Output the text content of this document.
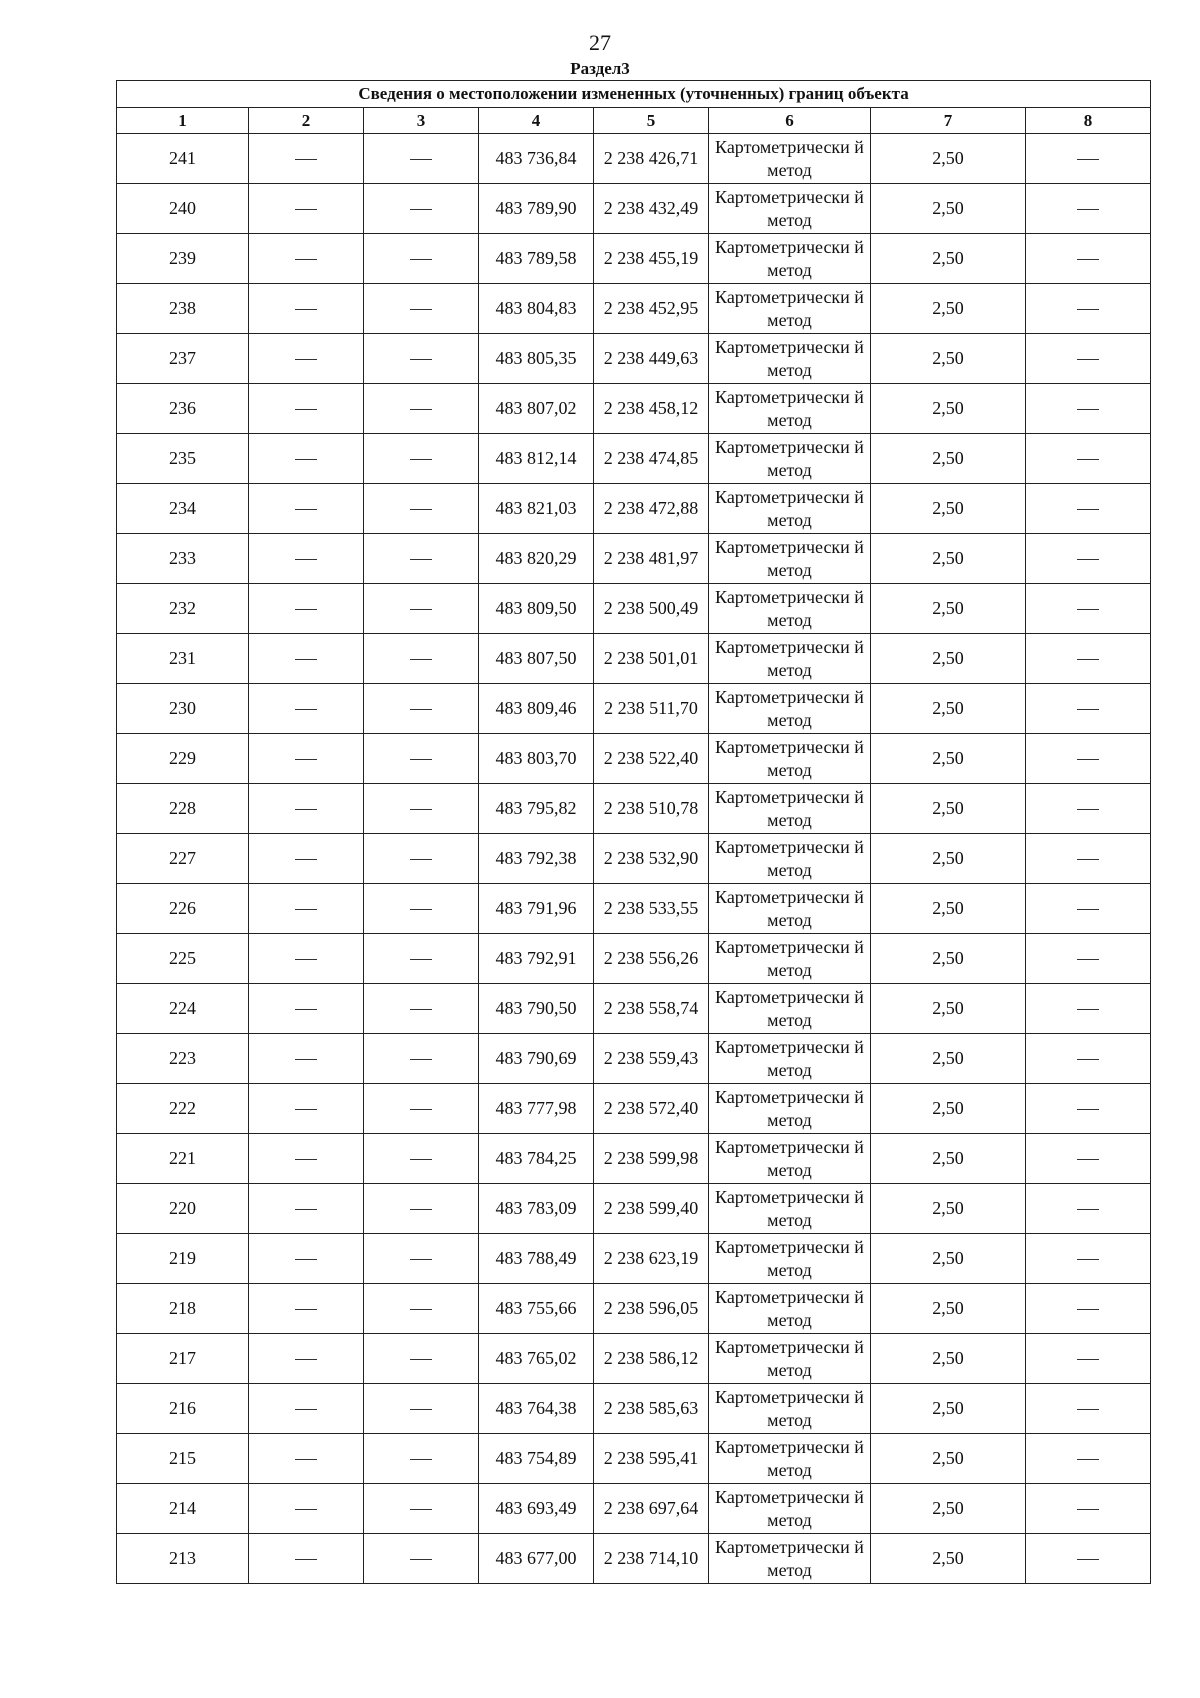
27
Раздел3
Сведения о местоположении измененных (уточненных) границ объекта							
1	2	3	4	5	6	7	8
241			483 736,84	2 238 426,71	Картометрически й метод	2,50	
240			483 789,90	2 238 432,49	Картометрически й метод	2,50	
239			483 789,58	2 238 455,19	Картометрически й метод	2,50	
238			483 804,83	2 238 452,95	Картометрически й метод	2,50	
237			483 805,35	2 238 449,63	Картометрически й метод	2,50	
236			483 807,02	2 238 458,12	Картометрически й метод	2,50	
235			483 812,14	2 238 474,85	Картометрически й метод	2,50	
234			483 821,03	2 238 472,88	Картометрически й метод	2,50	
233			483 820,29	2 238 481,97	Картометрически й метод	2,50	
232			483 809,50	2 238 500,49	Картометрически й метод	2,50	
231			483 807,50	2 238 501,01	Картометрически й метод	2,50	
230			483 809,46	2 238 511,70	Картометрически й метод	2,50	
229			483 803,70	2 238 522,40	Картометрически й метод	2,50	
228			483 795,82	2 238 510,78	Картометрически й метод	2,50	
227			483 792,38	2 238 532,90	Картометрически й метод	2,50	
226			483 791,96	2 238 533,55	Картометрически й метод	2,50	
225			483 792,91	2 238 556,26	Картометрически й метод	2,50	
224			483 790,50	2 238 558,74	Картометрически й метод	2,50	
223			483 790,69	2 238 559,43	Картометрически й метод	2,50	
222			483 777,98	2 238 572,40	Картометрически й метод	2,50	
221			483 784,25	2 238 599,98	Картометрически й метод	2,50	
220			483 783,09	2 238 599,40	Картометрически й метод	2,50	
219			483 788,49	2 238 623,19	Картометрически й метод	2,50	
218			483 755,66	2 238 596,05	Картометрически й метод	2,50	
217			483 765,02	2 238 586,12	Картометрически й метод	2,50	
216			483 764,38	2 238 585,63	Картометрически й метод	2,50	
215			483 754,89	2 238 595,41	Картометрически й метод	2,50	
214			483 693,49	2 238 697,64	Картометрически й метод	2,50	
213			483 677,00	2 238 714,10	Картометрически й метод	2,50	
